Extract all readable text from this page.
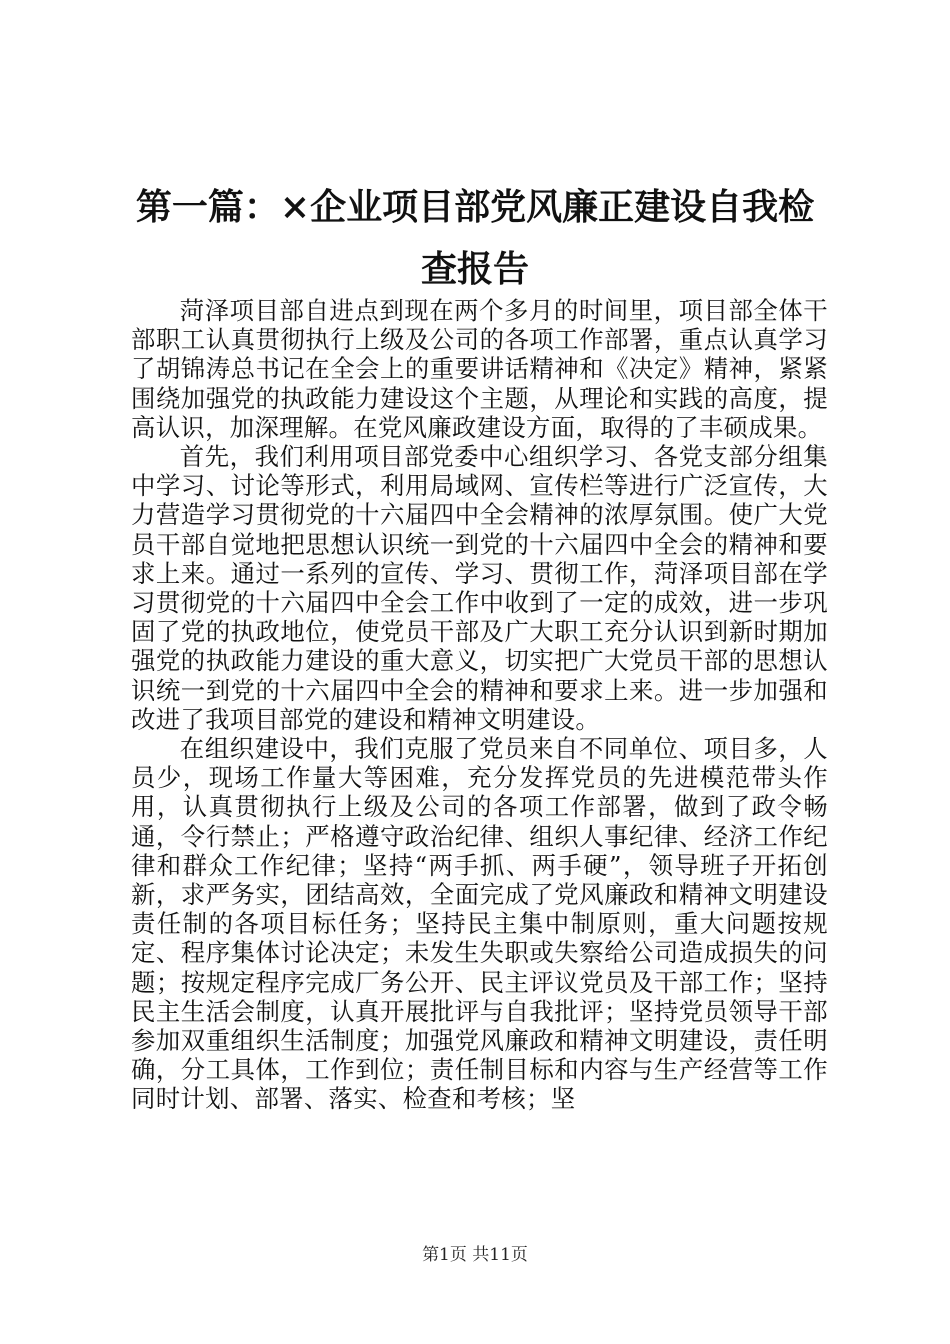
第一篇：×企业项目部党风廉正建设自我检查报告

菏泽项目部自进点到现在两个多月的时间里，项目部全体干部职工认真贯彻执行上级及公司的各项工作部署，重点认真学习了胡锦涛总书记在全会上的重要讲话精神和《决定》精神，紧紧围绕加强党的执政能力建设这个主题，从理论和实践的高度，提高认识，加深理解。在党风廉政建设方面，取得的了丰硕成果。

首先，我们利用项目部党委中心组织学习、各党支部分组集中学习、讨论等形式，利用局域网、宣传栏等进行广泛宣传，大力营造学习贯彻党的十六届四中全会精神的浓厚氛围。使广大党员干部自觉地把思想认识统一到党的十六届四中全会的精神和要求上来。通过一系列的宣传、学习、贯彻工作，菏泽项目部在学习贯彻党的十六届四中全会工作中收到了一定的成效，进一步巩固了党的执政地位，使党员干部及广大职工充分认识到新时期加强党的执政能力建设的重大意义，切实把广大党员干部的思想认识统一到党的十六届四中全会的精神和要求上来。进一步加强和改进了我项目部党的建设和精神文明建设。

在组织建设中，我们克服了党员来自不同单位、项目多，人员少，现场工作量大等困难，充分发挥党员的先进模范带头作用，认真贯彻执行上级及公司的各项工作部署，做到了政令畅通，令行禁止；严格遵守政治纪律、组织人事纪律、经济工作纪律和群众工作纪律；坚持“两手抓、两手硬”，领导班子开拓创新，求严务实，团结高效，全面完成了党风廉政和精神文明建设责任制的各项目标任务；坚持民主集中制原则，重大问题按规定、程序集体讨论决定；未发生失职或失察给公司造成损失的问题；按规定程序完成厂务公开、民主评议党员及干部工作；坚持民主生活会制度，认真开展批评与自我批评；坚持党员领导干部参加双重组织生活制度；加强党风廉政和精神文明建设，责任明确，分工具体，工作到位；责任制目标和内容与生产经营等工作同时计划、部署、落实、检查和考核；坚

第1页 共11页
